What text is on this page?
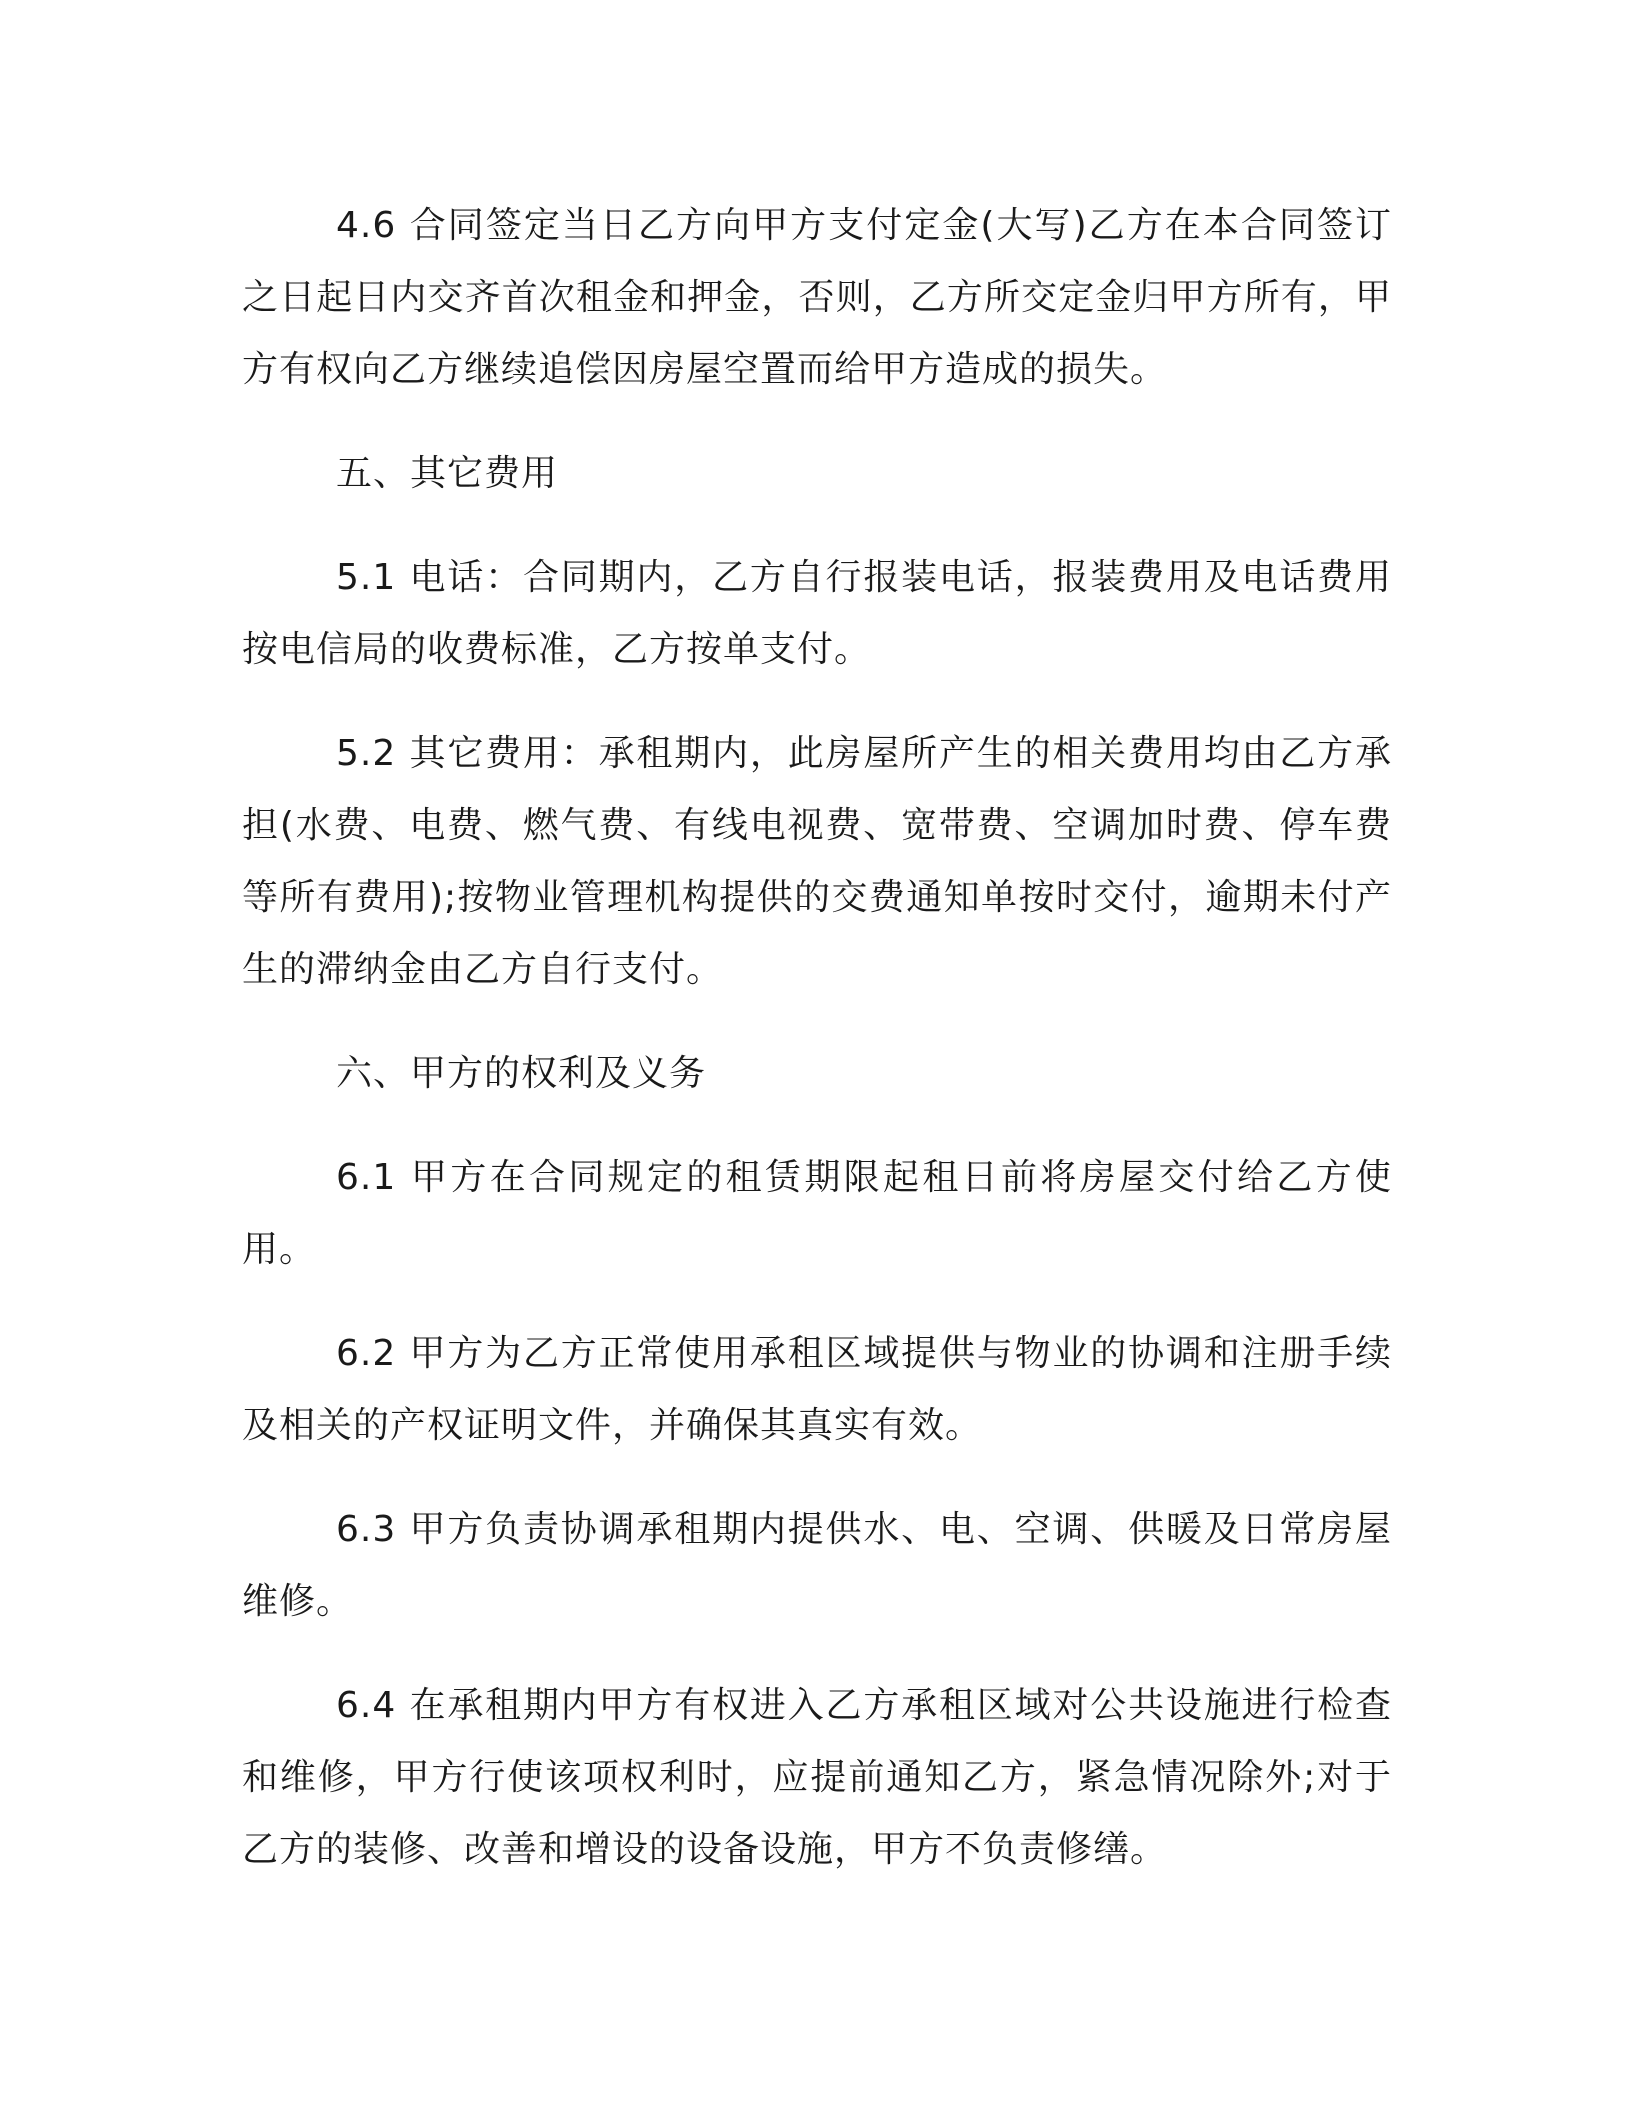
4.6 合同签定当日乙方向甲方支付定金(大写)乙方在本合同签订之日起日内交齐首次租金和押金，否则，乙方所交定金归甲方所有，甲方有权向乙方继续追偿因房屋空置而给甲方造成的损失。

五、其它费用

5.1 电话：合同期内，乙方自行报装电话，报装费用及电话费用按电信局的收费标准，乙方按单支付。

5.2 其它费用：承租期内，此房屋所产生的相关费用均由乙方承担(水费、电费、燃气费、有线电视费、宽带费、空调加时费、停车费等所有费用);按物业管理机构提供的交费通知单按时交付，逾期未付产生的滞纳金由乙方自行支付。

六、甲方的权利及义务

6.1 甲方在合同规定的租赁期限起租日前将房屋交付给乙方使用。

6.2 甲方为乙方正常使用承租区域提供与物业的协调和注册手续及相关的产权证明文件，并确保其真实有效。

6.3 甲方负责协调承租期内提供水、电、空调、供暖及日常房屋维修。

6.4 在承租期内甲方有权进入乙方承租区域对公共设施进行检查和维修，甲方行使该项权利时，应提前通知乙方，紧急情况除外;对于乙方的装修、改善和增设的设备设施，甲方不负责修缮。
